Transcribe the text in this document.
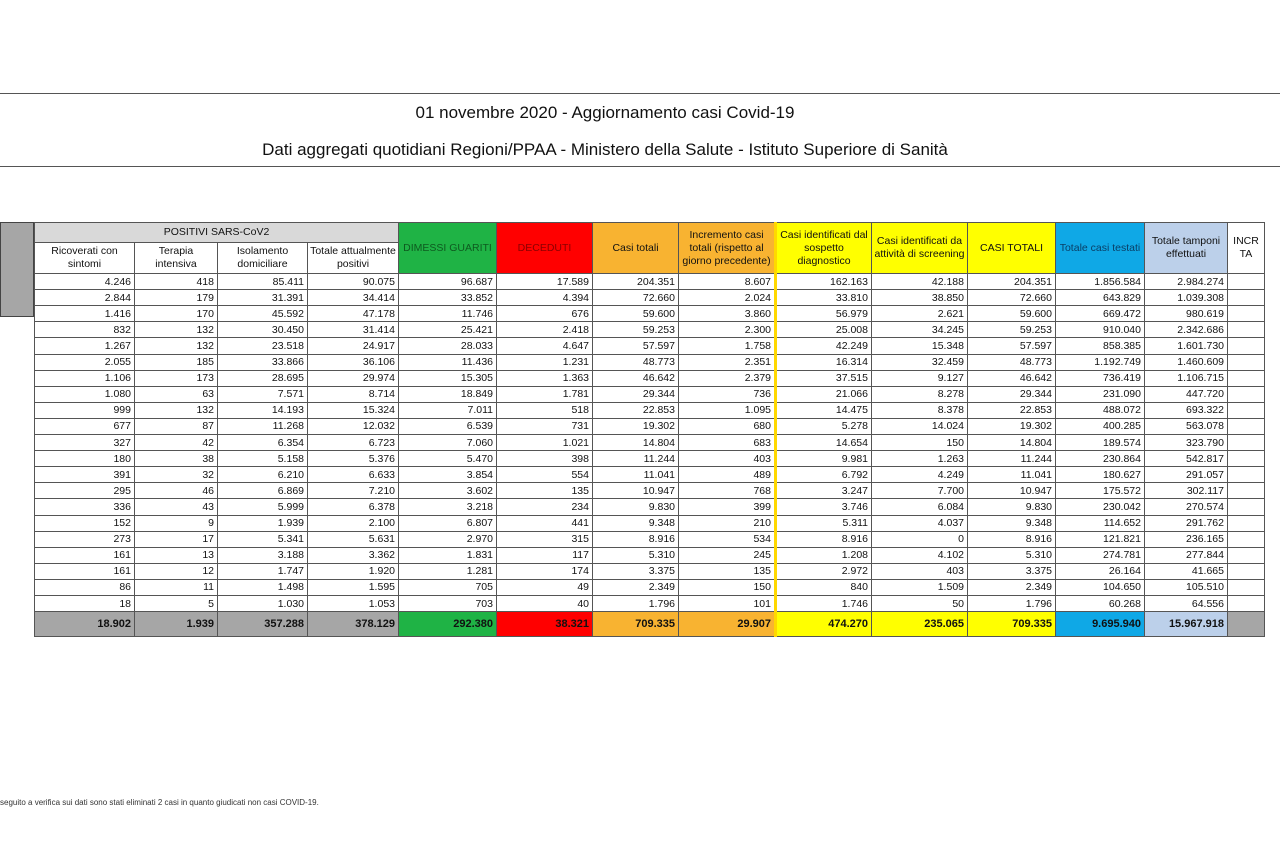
01 novembre 2020 - Aggiornamento casi Covid-19
Dati aggregati quotidiani Regioni/PPAA - Ministero della Salute - Istituto Superiore di Sanità
POSITIVI SARS-CoV2				DIMESSI GUARITI	DECEDUTI	Casi totali	Incremento casi totali (rispetto al giorno precedente)	Casi identificati dal sospetto diagnostico	Casi identificati da attività di screening	CASI TOTALI	Totale casi testati	Totale tamponi effettuati	INCR TA
Ricoverati con sintomi	Terapia intensiva	Isolamento domiciliare	Totale attualmente positivi										
4.246	418	85.411	90.075	96.687	17.589	204.351	8.607	162.163	42.188	204.351	1.856.584	2.984.274	
2.844	179	31.391	34.414	33.852	4.394	72.660	2.024	33.810	38.850	72.660	643.829	1.039.308	
1.416	170	45.592	47.178	11.746	676	59.600	3.860	56.979	2.621	59.600	669.472	980.619	
832	132	30.450	31.414	25.421	2.418	59.253	2.300	25.008	34.245	59.253	910.040	2.342.686	
1.267	132	23.518	24.917	28.033	4.647	57.597	1.758	42.249	15.348	57.597	858.385	1.601.730	
2.055	185	33.866	36.106	11.436	1.231	48.773	2.351	16.314	32.459	48.773	1.192.749	1.460.609	
1.106	173	28.695	29.974	15.305	1.363	46.642	2.379	37.515	9.127	46.642	736.419	1.106.715	
1.080	63	7.571	8.714	18.849	1.781	29.344	736	21.066	8.278	29.344	231.090	447.720	
999	132	14.193	15.324	7.011	518	22.853	1.095	14.475	8.378	22.853	488.072	693.322	
677	87	11.268	12.032	6.539	731	19.302	680	5.278	14.024	19.302	400.285	563.078	
327	42	6.354	6.723	7.060	1.021	14.804	683	14.654	150	14.804	189.574	323.790	
180	38	5.158	5.376	5.470	398	11.244	403	9.981	1.263	11.244	230.864	542.817	
391	32	6.210	6.633	3.854	554	11.041	489	6.792	4.249	11.041	180.627	291.057	
295	46	6.869	7.210	3.602	135	10.947	768	3.247	7.700	10.947	175.572	302.117	
336	43	5.999	6.378	3.218	234	9.830	399	3.746	6.084	9.830	230.042	270.574	
152	9	1.939	2.100	6.807	441	9.348	210	5.311	4.037	9.348	114.652	291.762	
273	17	5.341	5.631	2.970	315	8.916	534	8.916	0	8.916	121.821	236.165	
161	13	3.188	3.362	1.831	117	5.310	245	1.208	4.102	5.310	274.781	277.844	
161	12	1.747	1.920	1.281	174	3.375	135	2.972	403	3.375	26.164	41.665	
86	11	1.498	1.595	705	49	2.349	150	840	1.509	2.349	104.650	105.510	
18	5	1.030	1.053	703	40	1.796	101	1.746	50	1.796	60.268	64.556	
18.902	1.939	357.288	378.129	292.380	38.321	709.335	29.907	474.270	235.065	709.335	9.695.940	15.967.918	
seguito a verifica sui dati sono stati eliminati 2 casi in quanto giudicati non casi COVID-19.
